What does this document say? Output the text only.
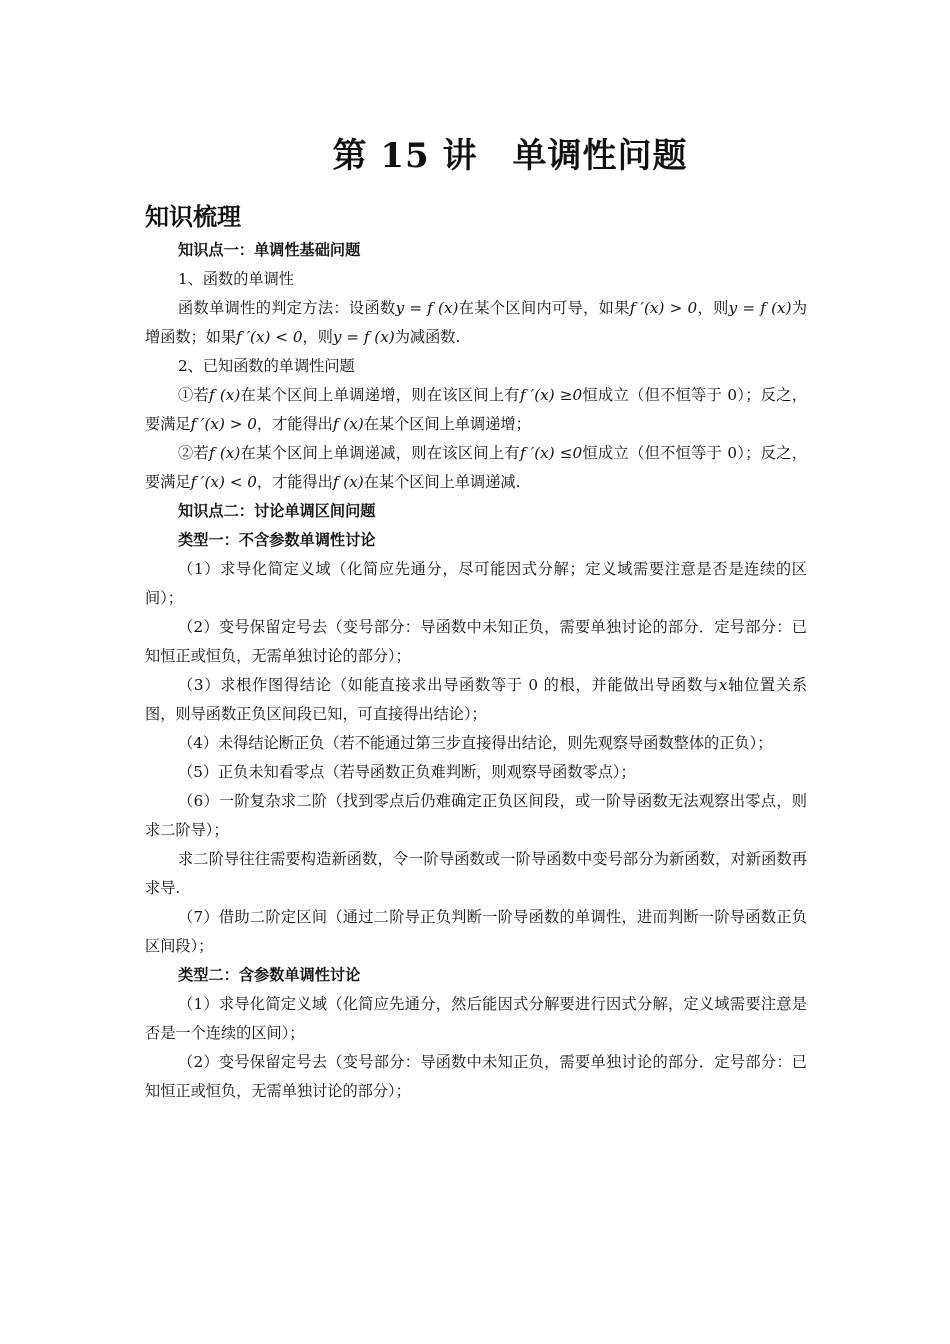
第 15 讲　单调性问题
知识梳理

知识点一：单调性基础问题

1、函数的单调性

函数单调性的判定方法：设函数y = f (x)在某个区间内可导，如果f ′(x) > 0，则y = f (x)为增函数；如果f ′(x) < 0，则y = f (x)为减函数.

2、已知函数的单调性问题

①若f (x)在某个区间上单调递增，则在该区间上有f ′(x) ≥0恒成立（但不恒等于 0）；反之，要满足f ′(x) > 0，才能得出f (x)在某个区间上单调递增；

②若f (x)在某个区间上单调递减，则在该区间上有f ′(x) ≤0恒成立（但不恒等于 0）；反之，要满足f ′(x) < 0，才能得出f (x)在某个区间上单调递减.

知识点二：讨论单调区间问题

类型一：不含参数单调性讨论

（1）求导化简定义域（化简应先通分，尽可能因式分解；定义域需要注意是否是连续的区间）；

（2）变号保留定号去（变号部分：导函数中未知正负，需要单独讨论的部分．定号部分：已知恒正或恒负，无需单独讨论的部分）；

（3）求根作图得结论（如能直接求出导函数等于 0 的根，并能做出导函数与x轴位置关系图，则导函数正负区间段已知，可直接得出结论）；

（4）未得结论断正负（若不能通过第三步直接得出结论，则先观察导函数整体的正负）；

（5）正负未知看零点（若导函数正负难判断，则观察导函数零点）；

（6）一阶复杂求二阶（找到零点后仍难确定正负区间段，或一阶导函数无法观察出零点，则求二阶导）；

求二阶导往往需要构造新函数，令一阶导函数或一阶导函数中变号部分为新函数，对新函数再求导.

（7）借助二阶定区间（通过二阶导正负判断一阶导函数的单调性，进而判断一阶导函数正负区间段）；

类型二：含参数单调性讨论

（1）求导化简定义域（化简应先通分，然后能因式分解要进行因式分解，定义域需要注意是否是一个连续的区间）；

（2）变号保留定号去（变号部分：导函数中未知正负，需要单独讨论的部分．定号部分：已知恒正或恒负，无需单独讨论的部分）；
